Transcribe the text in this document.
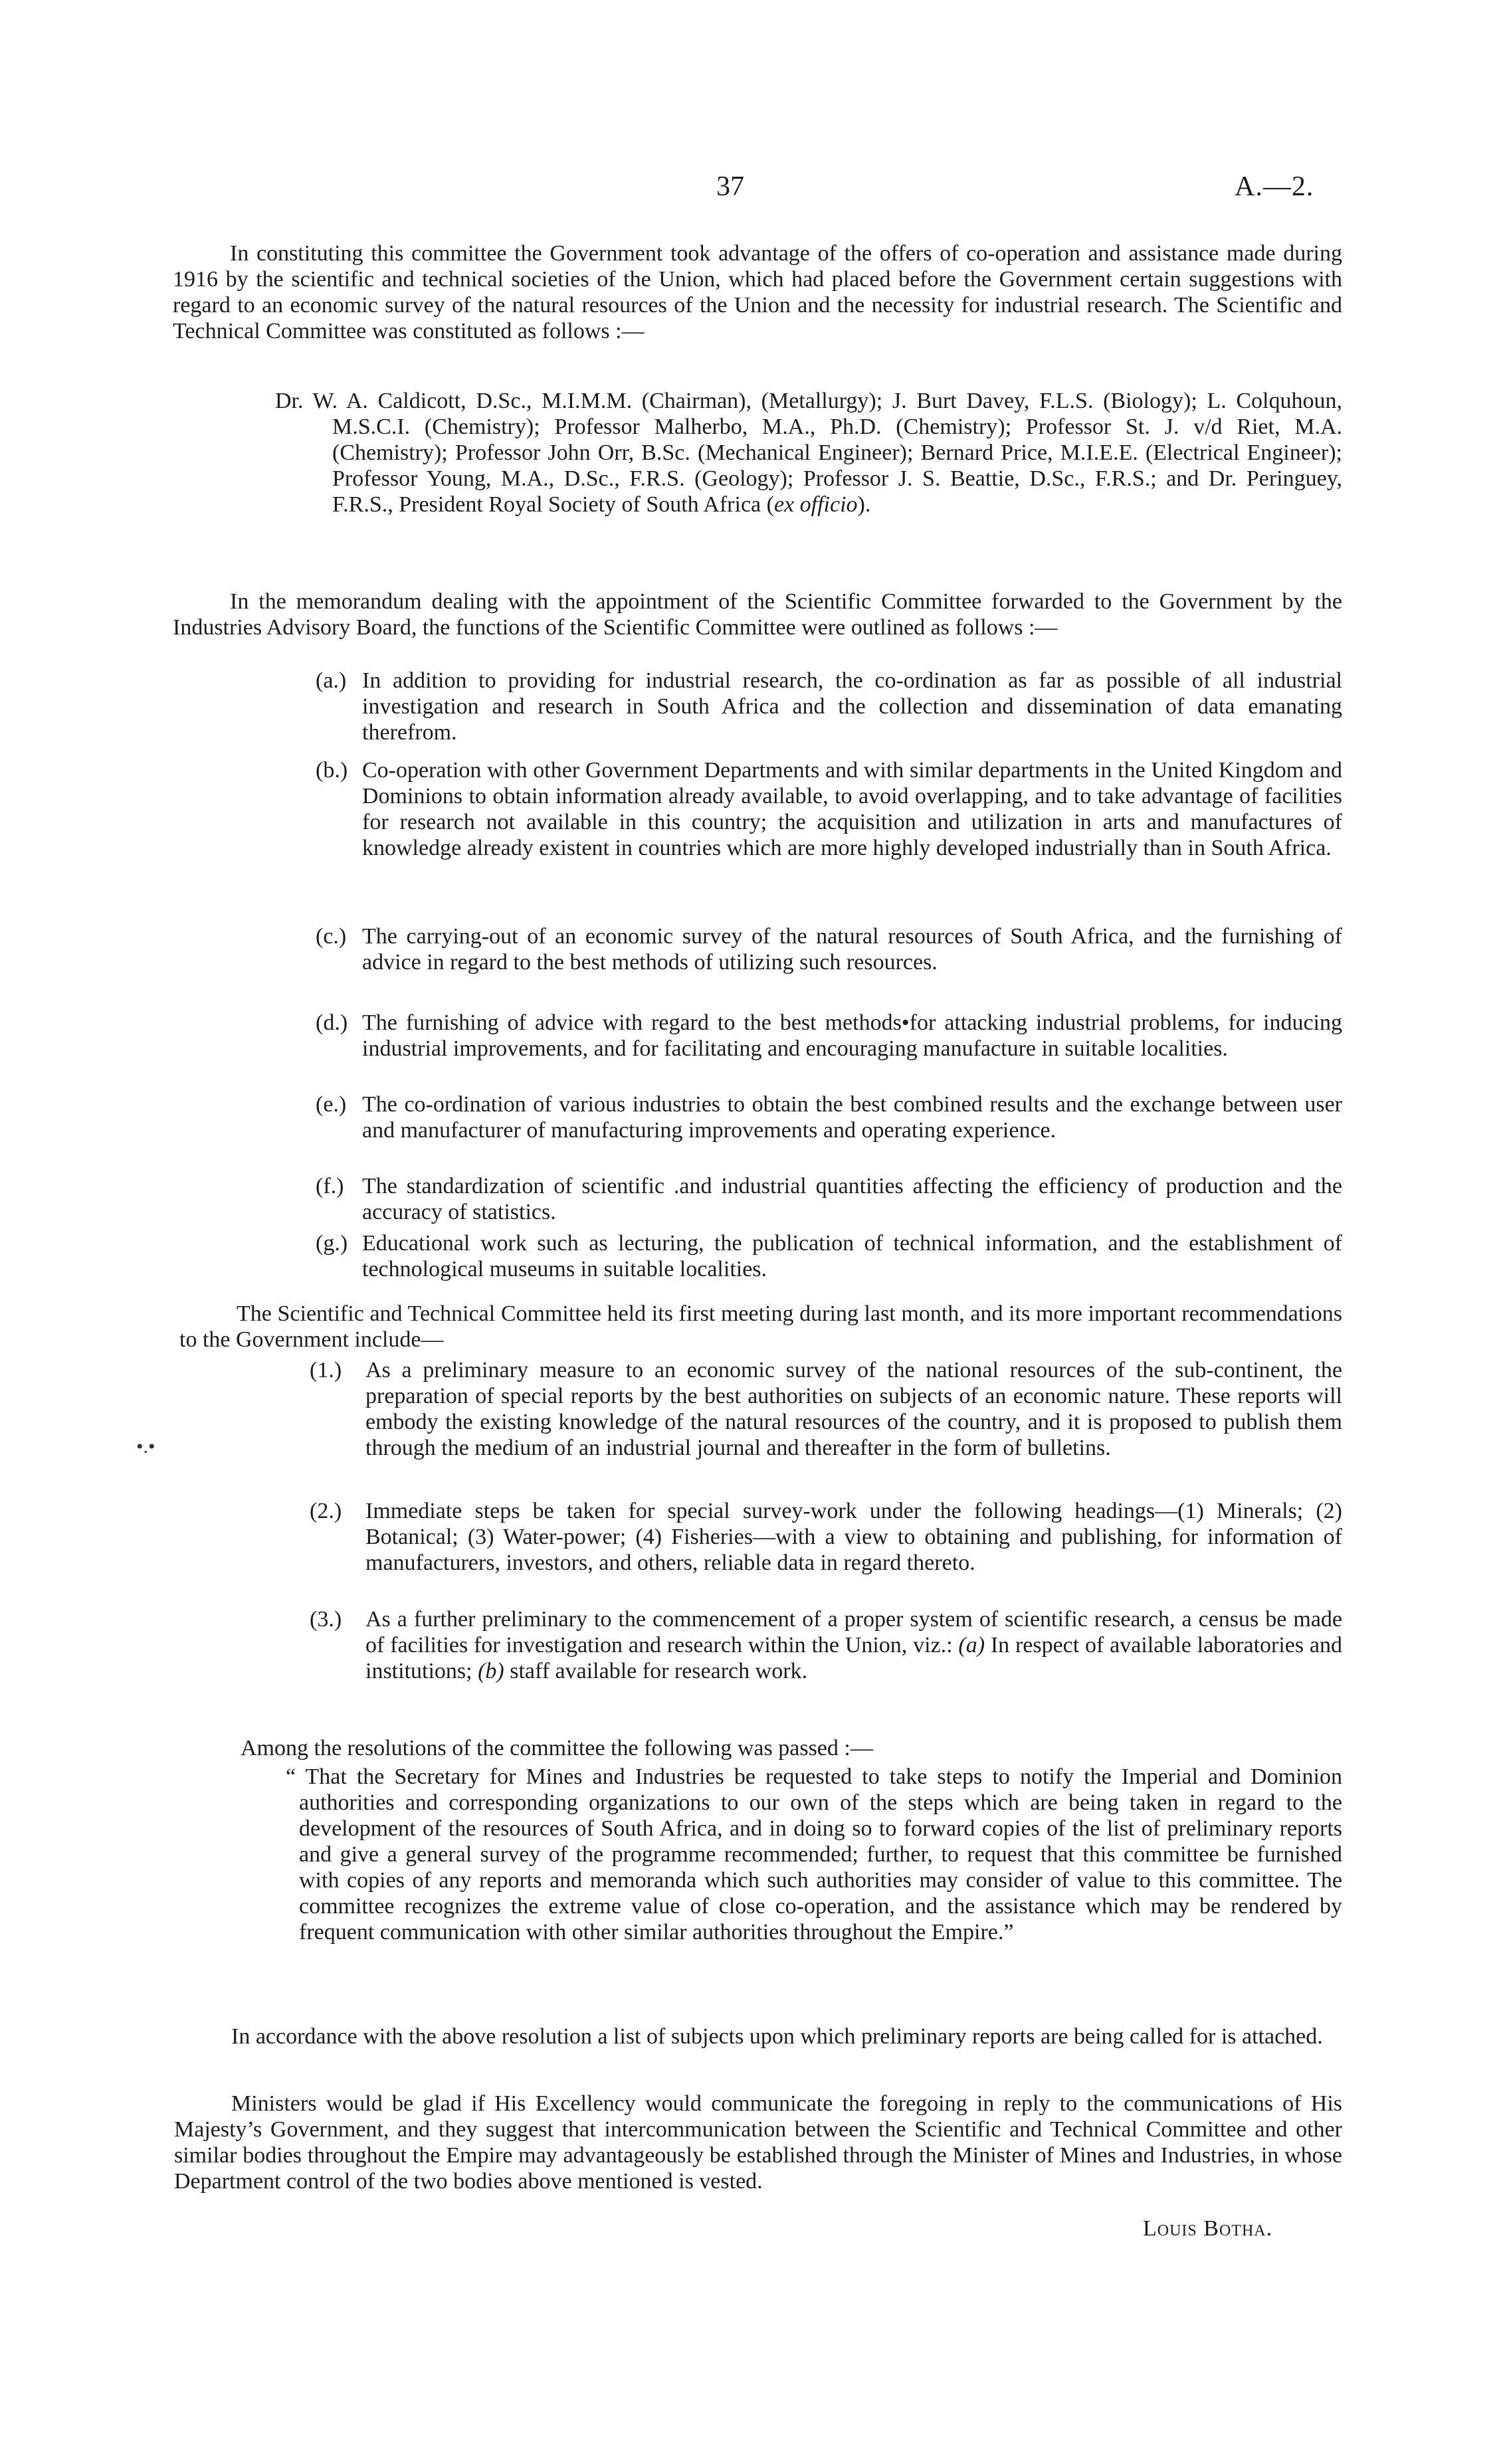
37	A.—2.
In constituting this committee the Government took advantage of the offers of co-operation and assistance made during 1916 by the scientific and technical societies of the Union, which had placed before the Government certain suggestions with regard to an economic survey of the natural resources of the Union and the necessity for industrial research. The Scientific and Technical Committee was constituted as follows :—
Dr. W. A. Caldicott, D.Sc., M.I.M.M. (Chairman), (Metallurgy); J. Burt Davey, F.L.S. (Biology); L. Colquhoun, M.S.C.I. (Chemistry); Professor Malherbo, M.A., Ph.D. (Chemistry); Professor St. J. v/d Riet, M.A. (Chemistry); Professor John Orr, B.Sc. (Mechanical Engineer); Bernard Price, M.I.E.E. (Electrical Engineer); Professor Young, M.A., D.Sc., F.R.S. (Geology); Professor J. S. Beattie, D.Sc., F.R.S.; and Dr. Peringuey, F.R.S., President Royal Society of South Africa (ex officio).
In the memorandum dealing with the appointment of the Scientific Committee forwarded to the Government by the Industries Advisory Board, the functions of the Scientific Committee were outlined as follows :—
(a.) In addition to providing for industrial research, the co-ordination as far as possible of all industrial investigation and research in South Africa and the collection and dissemination of data emanating therefrom.
(b.) Co-operation with other Government Departments and with similar departments in the United Kingdom and Dominions to obtain information already available, to avoid overlapping, and to take advantage of facilities for research not available in this country; the acquisition and utilization in arts and manufactures of knowledge already existent in countries which are more highly developed industrially than in South Africa.
(c.) The carrying-out of an economic survey of the natural resources of South Africa, and the furnishing of advice in regard to the best methods of utilizing such resources.
(d.) The furnishing of advice with regard to the best methods•for attacking industrial problems, for inducing industrial improvements, and for facilitating and encouraging manufacture in suitable localities.
(e.) The co-ordination of various industries to obtain the best combined results and the exchange between user and manufacturer of manufacturing improvements and operating experience.
(f.) The standardization of scientific .and industrial quantities affecting the efficiency of production and the accuracy of statistics.
(g.) Educational work such as lecturing, the publication of technical information, and the establishment of technological museums in suitable localities.
The Scientific and Technical Committee held its first meeting during last month, and its more important recommendations to the Government include—
•.•
(1.) As a preliminary measure to an economic survey of the national resources of the sub-continent, the preparation of special reports by the best authorities on subjects of an economic nature. These reports will embody the existing knowledge of the natural resources of the country, and it is proposed to publish them through the medium of an industrial journal and thereafter in the form of bulletins.
(2.) Immediate steps be taken for special survey-work under the following headings—(1) Minerals; (2) Botanical; (3) Water-power; (4) Fisheries—with a view to obtaining and publishing, for information of manufacturers, investors, and others, reliable data in regard thereto.
(3.) As a further preliminary to the commencement of a proper system of scientific research, a census be made of facilities for investigation and research within the Union, viz.: (a) In respect of available laboratories and institutions; (b) staff available for research work.
Among the resolutions of the committee the following was passed :—
“ That the Secretary for Mines and Industries be requested to take steps to notify the Imperial and Dominion authorities and corresponding organizations to our own of the steps which are being taken in regard to the development of the resources of South Africa, and in doing so to forward copies of the list of preliminary reports and give a general survey of the programme recommended; further, to request that this committee be furnished with copies of any reports and memoranda which such authorities may consider of value to this committee. The committee recognizes the extreme value of close co-operation, and the assistance which may be rendered by frequent communication with other similar authorities throughout the Empire.”
In accordance with the above resolution a list of subjects upon which preliminary reports are being called for is attached.
Ministers would be glad if His Excellency would communicate the foregoing in reply to the communications of His Majesty’s Government, and they suggest that intercommunication between the Scientific and Technical Committee and other similar bodies throughout the Empire may advantageously be established through the Minister of Mines and Industries, in whose Department control of the two bodies above mentioned is vested.
Louis Botha.
